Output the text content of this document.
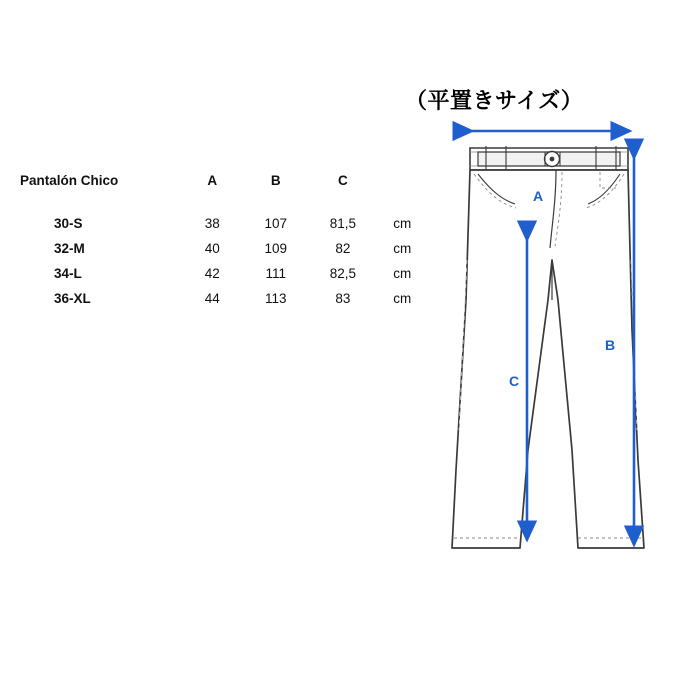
（平置きサイズ）
Pantalón Chico	A	B	C	

30-S	38	107	81,5	cm
32-M	40	109	82	cm
34-L	42	111	82,5	cm
36-XL	44	113	83	cm
A
B
C
